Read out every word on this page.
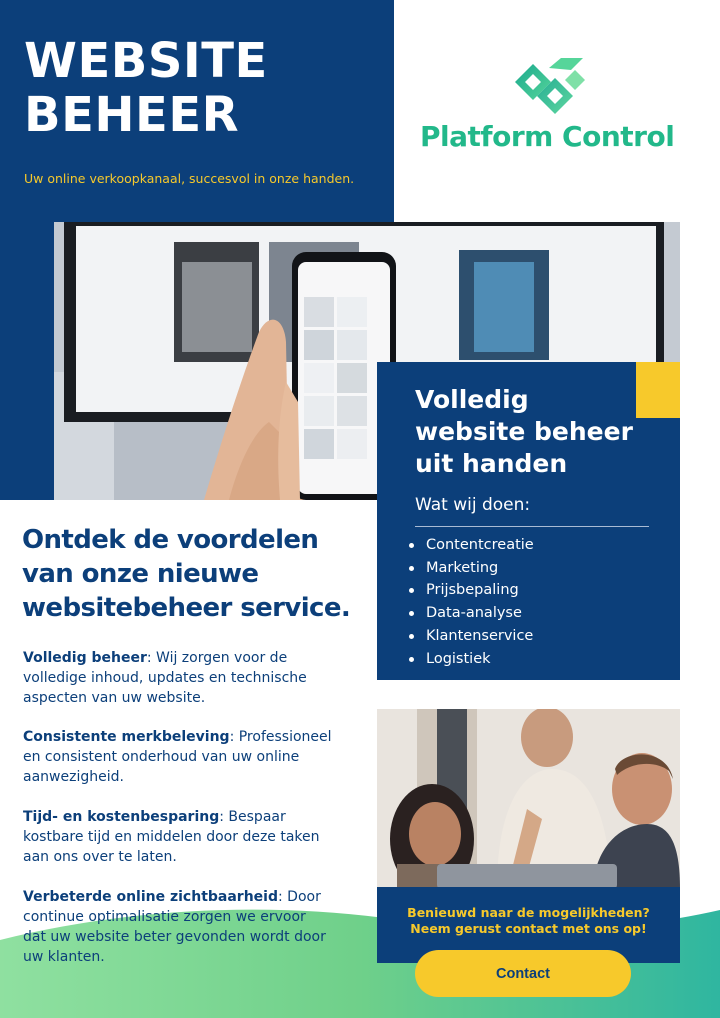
WEBSITE
BEHEER
Uw online verkoopkanaal, succesvol in onze handen.
Platform Control
Volledig
website beheer
uit handen
Wat wij doen:
Contentcreatie
Marketing
Prijsbepaling
Data-analyse
Klantenservice
Logistiek
Ontdek de voordelen
van onze nieuwe
websitebeheer service.
Volledig beheer: Wij zorgen voor de volledige inhoud, updates en technische aspecten van uw website.
Consistente merkbeleving: Professioneel en consistent onderhoud van uw online aanwezigheid.
Tijd- en kostenbesparing: Bespaar kostbare tijd en middelen door deze taken aan ons over te laten.
Verbeterde online zichtbaarheid: Door continue optimalisatie zorgen we ervoor dat uw website beter gevonden wordt door uw klanten.
Benieuwd naar de mogelijkheden? Neem gerust contact met ons op!
Contact
